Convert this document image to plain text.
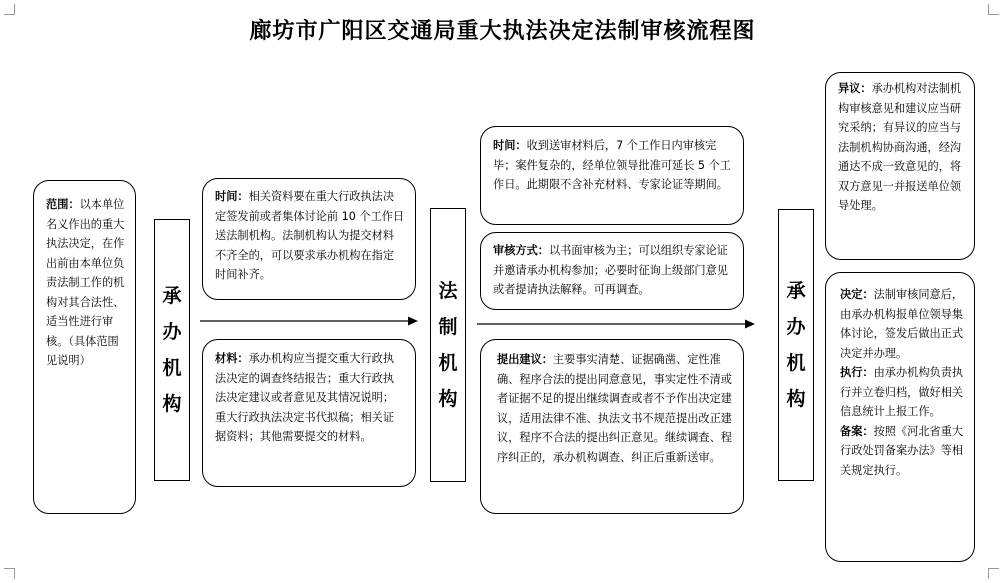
廊坊市广阳区交通局重大执法决定法制审核流程图
范围：以本单位名义作出的重大执法决定，在作出前由本单位负责法制工作的机构对其合法性、适当性进行审核。（具体范围见说明）
承
办
机
构
时间：相关资料要在重大行政执法决定签发前或者集体讨论前 10 个工作日送法制机构。法制机构认为提交材料不齐全的，可以要求承办机构在指定时间补齐。
材料：承办机构应当提交重大行政执法决定的调查终结报告；重大行政执法决定建议或者意见及其情况说明；重大行政执法决定书代拟稿；相关证据资料；其他需要提交的材料。
法
制
机
构
时间：收到送审材料后，7 个工作日内审核完毕；案件复杂的，经单位领导批准可延长 5 个工作日。此期限不含补充材料、专家论证等期间。
审核方式：以书面审核为主；可以组织专家论证并邀请承办机构参加；必要时征询上级部门意见或者提请执法解释。可再调查。
提出建议：主要事实清楚、证据确凿、定性准确、程序合法的提出同意意见，事实定性不清或者证据不足的提出继续调查或者不予作出决定建议，适用法律不准、执法文书不规范提出改正建议，程序不合法的提出纠正意见。继续调查、程序纠正的，承办机构调查、纠正后重新送审。
承
办
机
构
异议：承办机构对法制机构审核意见和建议应当研究采纳；有异议的应当与法制机构协商沟通，经沟通达不成一致意见的，将双方意见一并报送单位领导处理。
决定：法制审核同意后，由承办机构报单位领导集体讨论，签发后做出正式决定并办理。
执行：由承办机构负责执行并立卷归档，做好相关信息统计上报工作。
备案：按照《河北省重大行政处罚备案办法》等相关规定执行。
